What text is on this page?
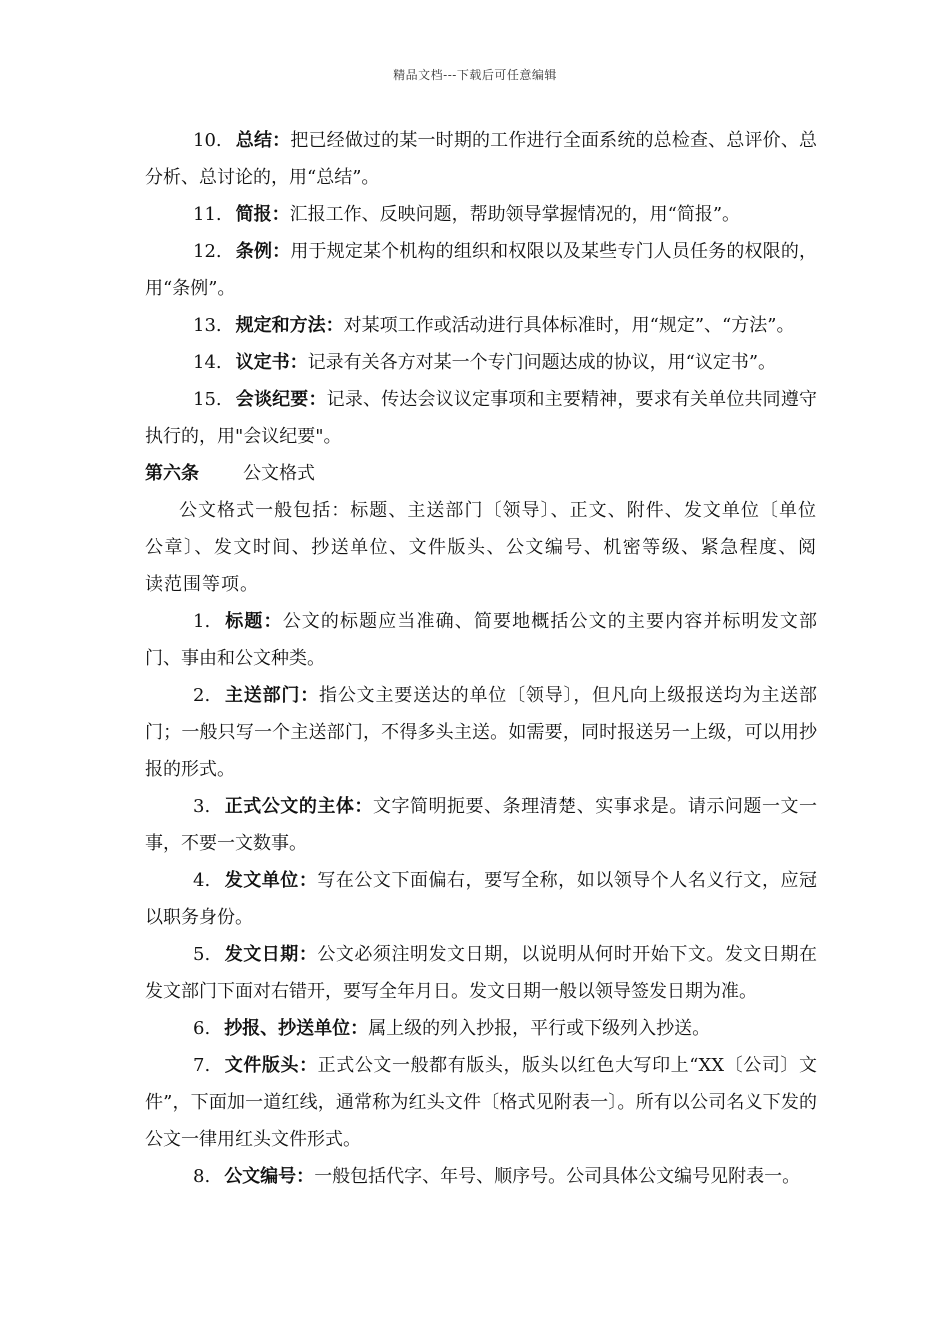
精品文档---下载后可任意编辑

10. 总结：把已经做过的某一时期的工作进行全面系统的总检查、总评价、总分析、总讨论的，用“总结”。

11. 简报：汇报工作、反映问题，帮助领导掌握情况的，用“简报”。

12. 条例：用于规定某个机构的组织和权限以及某些专门人员任务的权限的，用“条例”。

13. 规定和方法：对某项工作或活动进行具体标准时，用“规定”、“方法”。

14. 议定书：记录有关各方对某一个专门问题达成的协议，用“议定书”。

15. 会谈纪要：记录、传达会议议定事项和主要精神，要求有关单位共同遵守执行的，用"会议纪要"。

第六条 公文格式

公文格式一般包括：标题、主送部门〔领导〕、正文、附件、发文单位〔单位公章〕、发文时间、抄送单位、文件版头、公文编号、机密等级、紧急程度、阅读范围等项。

1. 标题：公文的标题应当准确、简要地概括公文的主要内容并标明发文部门、事由和公文种类。

2. 主送部门：指公文主要送达的单位〔领导〕，但凡向上级报送均为主送部门；一般只写一个主送部门，不得多头主送。如需要，同时报送另一上级，可以用抄报的形式。

3. 正式公文的主体：文字简明扼要、条理清楚、实事求是。请示问题一文一事，不要一文数事。

4. 发文单位：写在公文下面偏右，要写全称，如以领导个人名义行文，应冠以职务身份。

5. 发文日期：公文必须注明发文日期，以说明从何时开始下文。发文日期在发文部门下面对右错开，要写全年月日。发文日期一般以领导签发日期为准。

6. 抄报、抄送单位：属上级的列入抄报，平行或下级列入抄送。

7. 文件版头：正式公文一般都有版头，版头以红色大写印上“XX〔公司〕文件”，下面加一道红线，通常称为红头文件〔格式见附表一〕。所有以公司名义下发的公文一律用红头文件形式。

8. 公文编号：一般包括代字、年号、顺序号。公司具体公文编号见附表一。
